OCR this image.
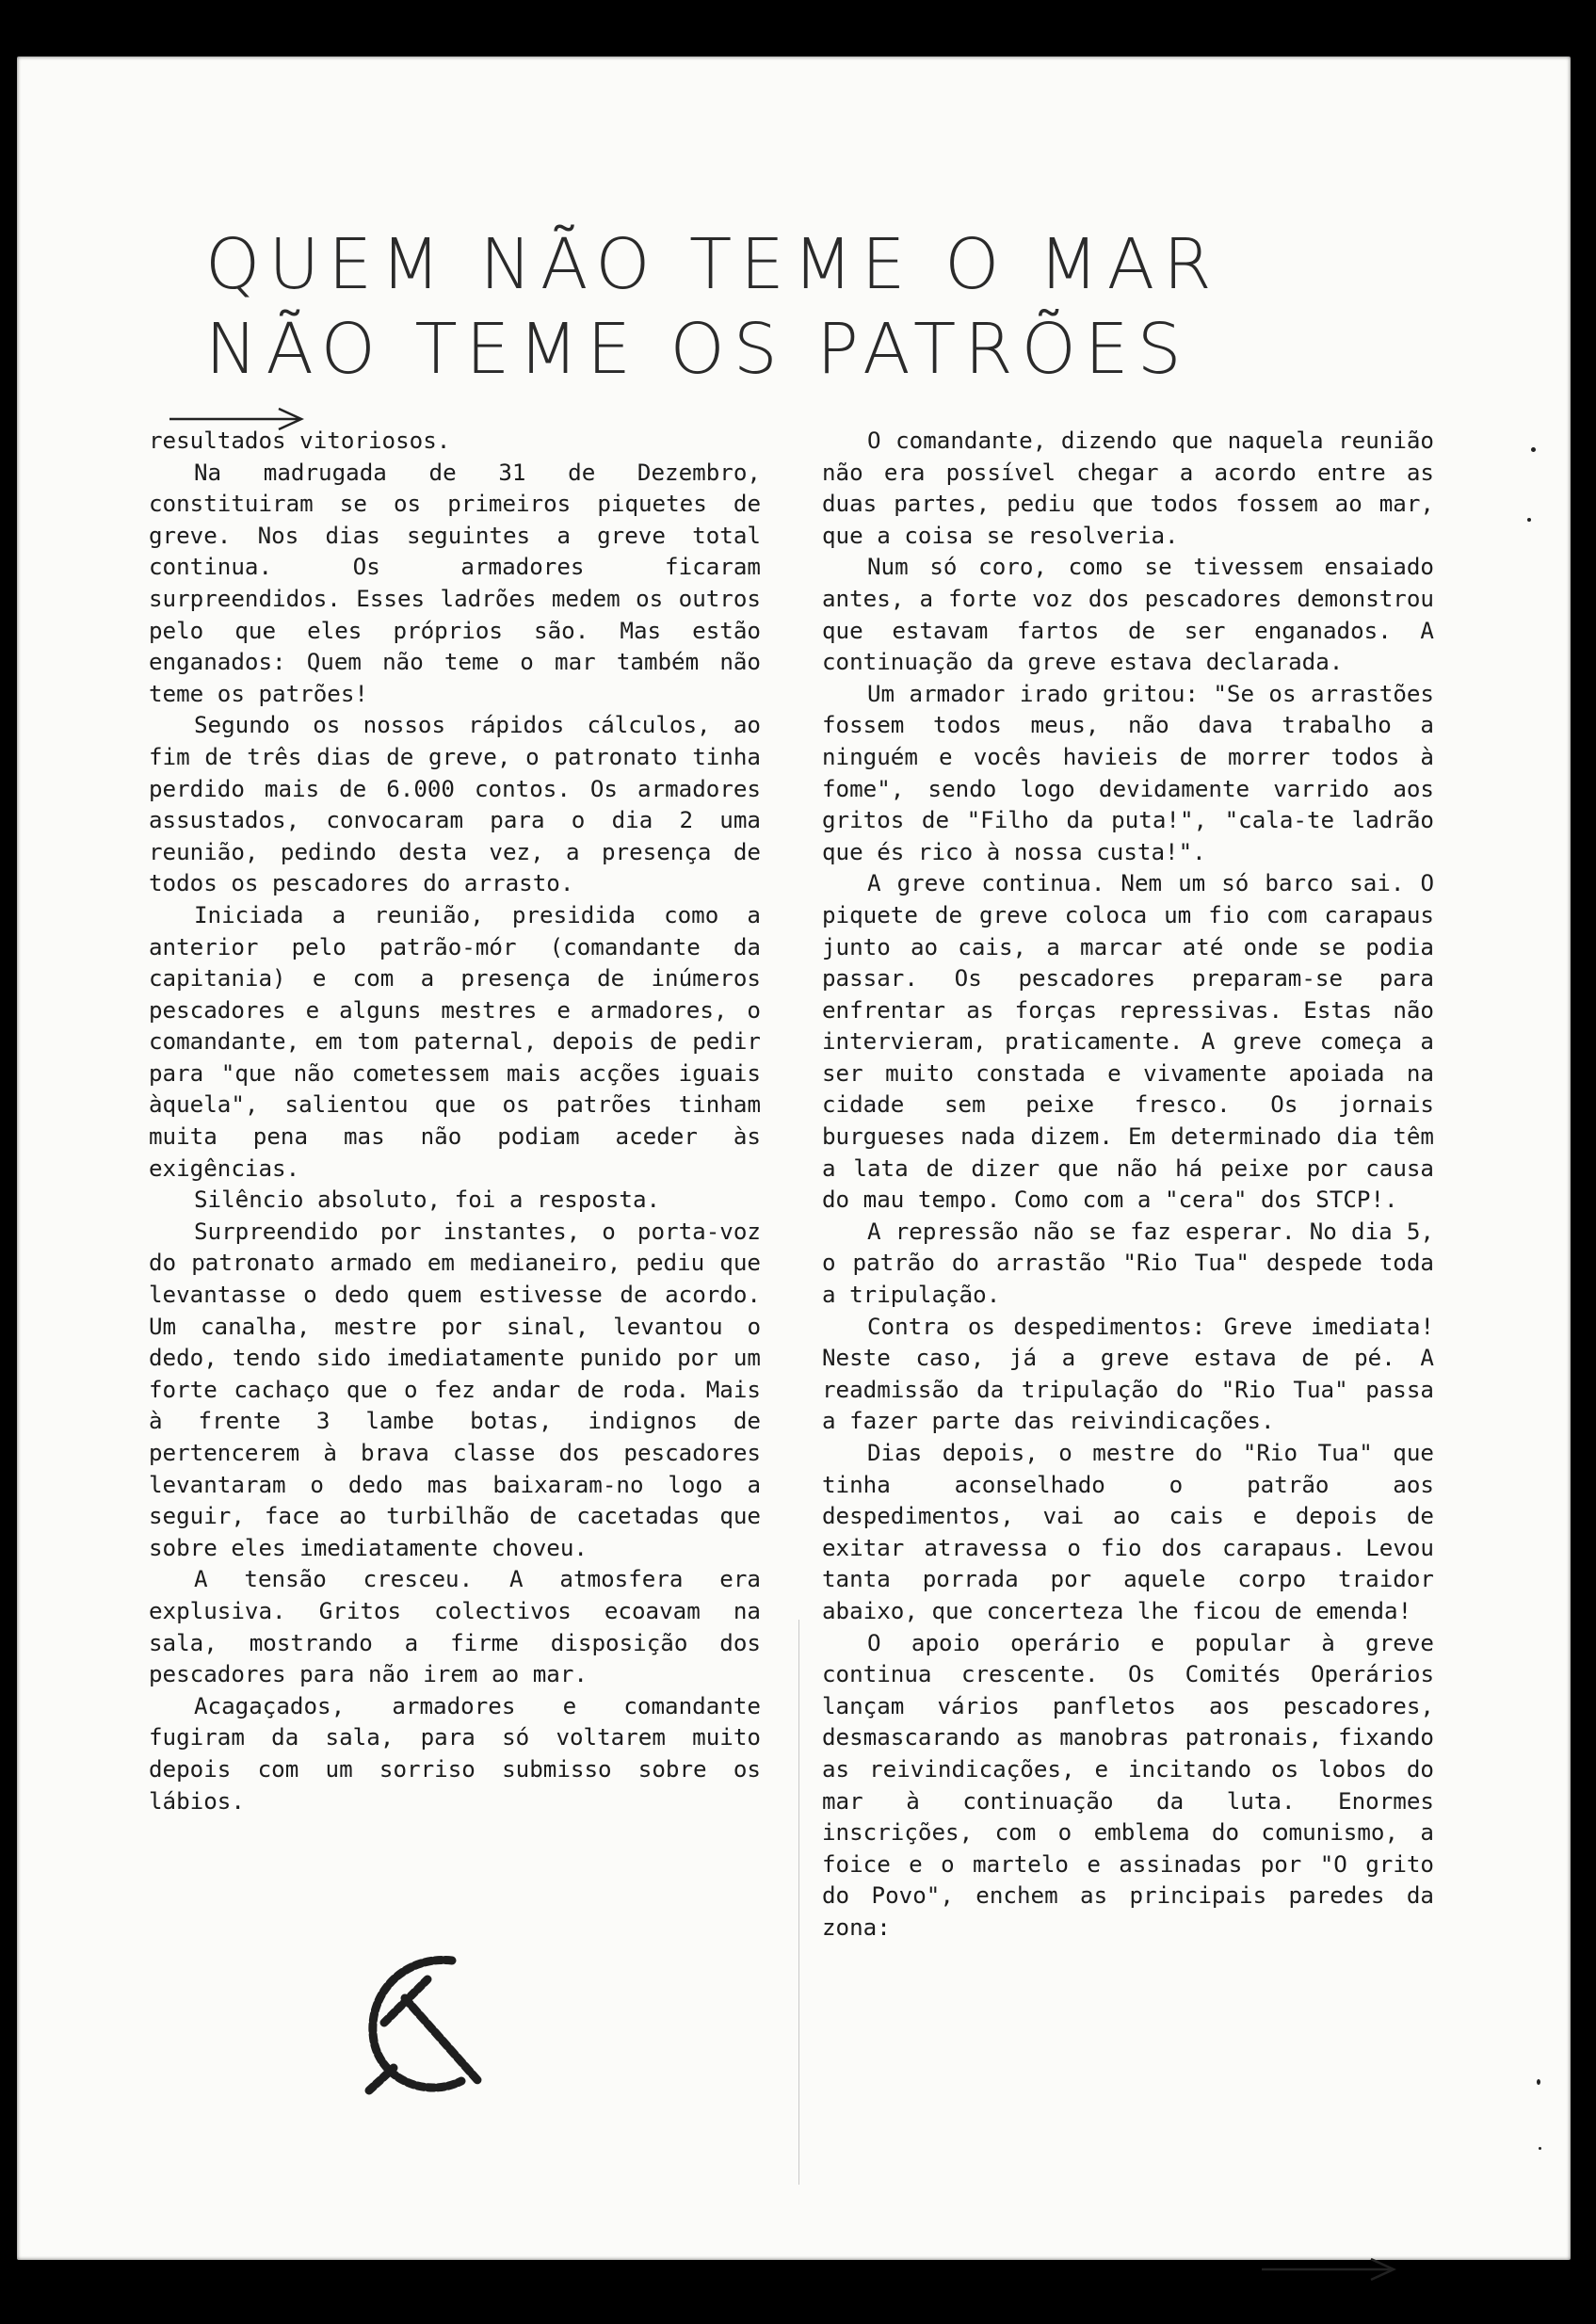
QUEM NÃO TEME O MAR
NÃO TEME OS PATRÕES

resultados vitoriosos.

Na madrugada de 31 de Dezembro, constituiram se os primeiros piquetes de greve. Nos dias seguintes a greve total continua. Os armadores ficaram surpreendidos. Esses ladrões medem os outros pelo que eles próprios são. Mas estão enganados: Quem não teme o mar também não teme os patrões!

Segundo os nossos rápidos cálculos, ao fim de três dias de greve, o patronato tinha perdido mais de 6.000 contos. Os armadores assustados, convocaram para o dia 2 uma reunião, pedindo desta vez, a presença de todos os pescadores do arrasto.

Iniciada a reunião, presidida como a anterior pelo patrão-mór (comandante da capitania) e com a presença de inúmeros pescadores e alguns mestres e armadores, o comandante, em tom paternal, depois de pedir para "que não cometessem mais acções iguais àquela", salientou que os patrões tinham muita pena mas não podiam aceder às exigências.

Silêncio absoluto, foi a resposta.

Surpreendido por instantes, o porta-voz do patronato armado em medianeiro, pediu que levantasse o dedo quem estivesse de acordo. Um canalha, mestre por sinal, levantou o dedo, tendo sido imediatamente punido por um forte cachaço que o fez andar de roda. Mais à frente 3 lambe botas, indignos de pertencerem à brava classe dos pescadores levantaram o dedo mas baixaram-no logo a seguir, face ao turbilhão de cacetadas que sobre eles imediatamente choveu.

A tensão cresceu. A atmosfera era explusiva. Gritos colectivos ecoavam na sala, mostrando a firme disposição dos pescadores para não irem ao mar.

Acagaçados, armadores e comandante fugiram da sala, para só voltarem muito depois com um sorriso submisso sobre os lábios.

O comandante, dizendo que naquela reunião não era possível chegar a acordo entre as duas partes, pediu que todos fossem ao mar, que a coisa se resolveria.

Num só coro, como se tivessem ensaiado antes, a forte voz dos pescadores demonstrou que estavam fartos de ser enganados. A continuação da greve estava declarada.

Um armador irado gritou: "Se os arrastões fossem todos meus, não dava trabalho a ninguém e vocês havieis de morrer todos à fome", sendo logo devidamente varrido aos gritos de "Filho da puta!", "cala-te ladrão que és rico à nossa custa!".

A greve continua. Nem um só barco sai. O piquete de greve coloca um fio com carapaus junto ao cais, a marcar até onde se podia passar. Os pescadores preparam-se para enfrentar as forças repressivas. Estas não intervieram, praticamente. A greve começa a ser muito constada e vivamente apoiada na cidade sem peixe fresco. Os jornais burgueses nada dizem. Em determinado dia têm a lata de dizer que não há peixe por causa do mau tempo. Como com a "cera" dos STCP!.

A repressão não se faz esperar. No dia 5, o patrão do arrastão "Rio Tua" despede toda a tripulação.

Contra os despedimentos: Greve imediata! Neste caso, já a greve estava de pé. A readmissão da tripulação do "Rio Tua" passa a fazer parte das reivindicações.

Dias depois, o mestre do "Rio Tua" que tinha aconselhado o patrão aos despedimentos, vai ao cais e depois de exitar atravessa o fio dos carapaus. Levou tanta porrada por aquele corpo traidor abaixo, que concerteza lhe ficou de emenda!

O apoio operário e popular à greve continua crescente. Os Comités Operários lançam vários panfletos aos pescadores, desmascarando as manobras patronais, fixando as reivindicações, e incitando os lobos do mar à continuação da luta. Enormes inscrições, com o emblema do comunismo, a foice e o martelo e assinadas por "O grito do Povo", enchem as principais paredes da zona:
